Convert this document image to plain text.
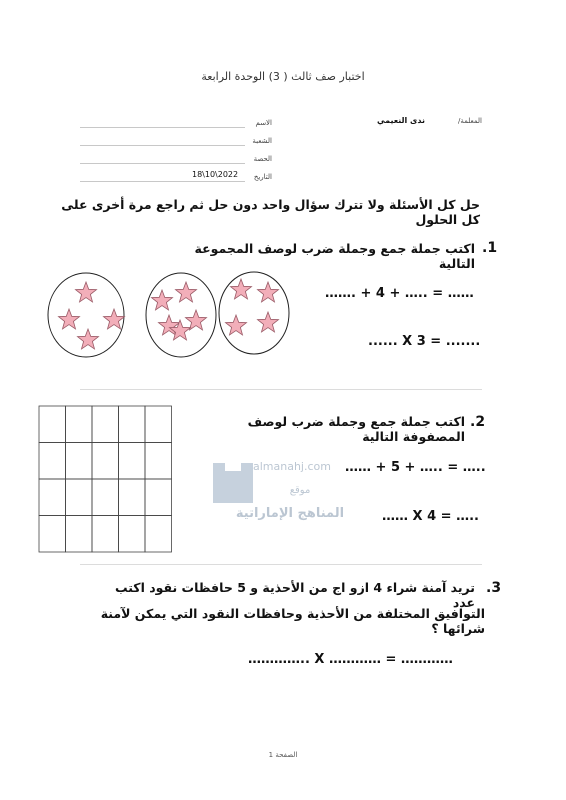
اختبار صف ثالث ( 3) الوحدة الرابعة
المعلمة/
ندى النعيمي
الاسم
الشعبة
الحصة
التاريخ
18\10\2022
حل كل الأسئلة ولا تترك سؤال واحد دون حل ثم راجع مرة أخرى على كل الحلول
.1
اكتب جملة جمع وجملة ضرب لوصف المجموعة التالية
……. + 4 + ….. = ……
...... X 3 = .......
.2
اكتب جملة جمع وجملة ضرب لوصف المصفوفة التالية
almanahj.com
موقع
المناهج الإماراتية
…… + 5 + ….. = …..
…… X 4 = …..
.3
تريد آمنة شراء 4 ازو اج من الأحذية و 5 حافظات نقود اكتب عدد
التوافيق المختلفة من الأحذية وحافظات النقود التي يمكن لآمنة شرائها ؟
………….. X ………… = …………
الصفحة 1
